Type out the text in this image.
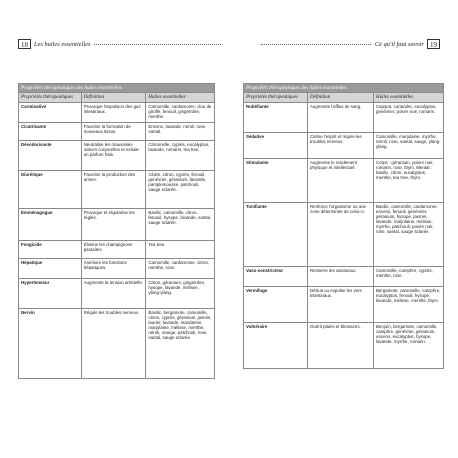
18 Les huiles essentielles
Propriétés thérapeutiques des huiles essentielles		
Propriétés thérapeutiques	Définition	Huiles essentielles
Carminative	Provoque l'expulsion des gaz intestinaux.	Camomille, cardamome, clou de girofle, fenouil, gingembre, menthe.
Cicatrisante	Favorise la formation de nouveaux tissus.	Encens, lavande, néroli, rose, santal.
Désodorisante	Neutralise les mauvaises odeurs corporelles et exhale un parfum frais.	Citronnelle, cyprès, eucalyptus, lavande, romarin, tea tree.
Diurétique	Favorise la production des urines.	Cèdre, citron, cyprès, fenouil, genévrier, géranium, lavande, pamplemousse, patchouli, sauge sclarée.
Emménagogue	Provoque et régularise les règles.	Basilic, camomille, citron, fenouil, hysope, lavande, santal, sauge sclarée.
Fongicide	Élimine les champignons parasites.	Tea tree.
Hépatique	Améliore les fonctions hépatiques.	Camomille, cardamome, citron, menthe, rose.
Hypertenseur	Augmente la tension artérielle.	Citron, géranium, gingembre, hysope, lavande, mélisse, ylang-ylang.
Nervin	Régule les troubles nerveux.	Basilic, bergamote, camomille, citron, cyprès, géranium, jasmin, laurier, lavande, mandarine, marjolaine, mélisse, menthe, néroli, orange, patchouli, rose, santal, sauge sclarée.
Ce qu'il faut savoir 19
Propriétés thérapeutiques des huiles essentielles		
Propriétés thérapeutiques	Définition	Huiles essentielles
Rubéfiante	Augmente l'afflux de sang.	Cajeput, coriandre, eucalyptus, genévrier, poivre noir, romarin.
Sédative	Calme l'esprit et régule les troubles nerveux.	Camomille, marjolaine, myrrhe, néroli, rose, santal, sauge, ylang-ylang.
Stimulante	Augmente le rendement physique et intellectuel.	Corps : géranium, poivre noir, romarin, rose, thym. Mental : basilic, citron, eucalyptus, menthe, tea tree, thym.
Tonifiante	Renforce l'organisme ou une zone déterminée de celui-ci.	Basilic, camomille, cardamome, encens, fenouil, genévrier, géranium, hysope, jasmin, lavande, marjolaine, mélisse, myrrhe, patchouli, poivre noir, rose, santal, sauge sclarée.
Vaso-constricteur	Resserre les vaisseaux.	Camomille, camphre, cyprès, menthe, rose.
Vermifuge	Détruit ou expulse les vers intestinaux.	Bergamote, camomille, camphre, eucalyptus, fenouil, hysope, lavande, mélisse, menthe, thym.
Vulnéraire	Guérit plaies et blessures.	Benjoin, bergamote, camomille, camphre, genévrier, géranium, encens, eucalyptus, hysope, lavande, myrrhe, romarin.
